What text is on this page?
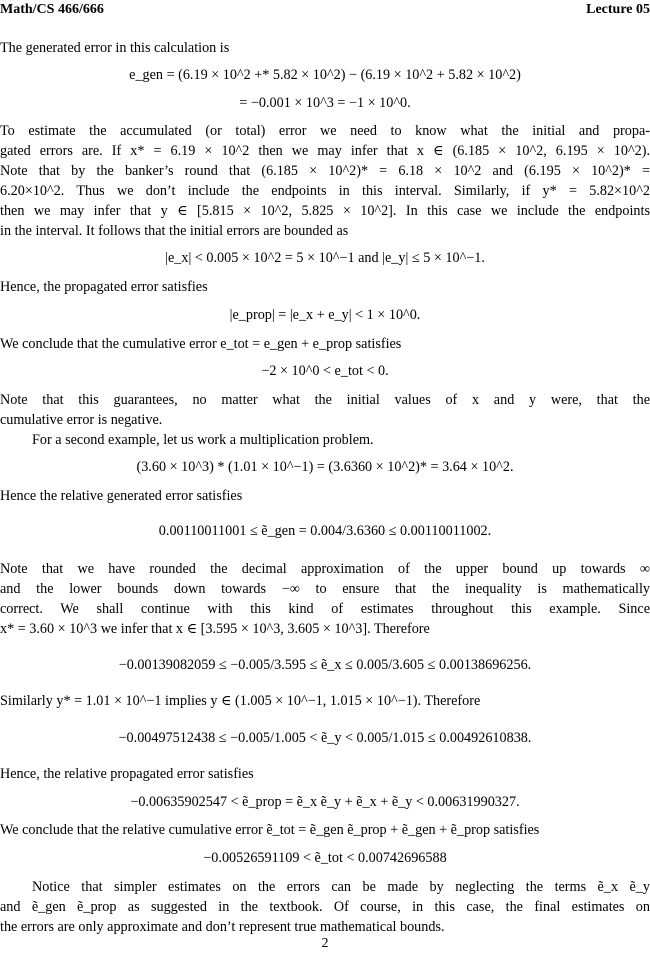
Math/CS 466/666	Lecture 05
The generated error in this calculation is
e_gen = (6.19 × 10^2 +* 5.82 × 10^2) − (6.19 × 10^2 + 5.82 × 10^2)
= −0.001 × 10^3 = −1 × 10^0.
To estimate the accumulated (or total) error we need to know what the initial and propa-
gated errors are. If x* = 6.19 × 10^2 then we may infer that x ∈ (6.185 × 10^2, 6.195 × 10^2).
Note that by the banker’s round that (6.185 × 10^2)* = 6.18 × 10^2 and (6.195 × 10^2)* =
6.20×10^2. Thus we don’t include the endpoints in this interval. Similarly, if y* = 5.82×10^2
then we may infer that y ∈ [5.815 × 10^2, 5.825 × 10^2]. In this case we include the endpoints
in the interval. It follows that the initial errors are bounded as
|e_x| < 0.005 × 10^2 = 5 × 10^−1 and |e_y| ≤ 5 × 10^−1.
Hence, the propagated error satisfies
|e_prop| = |e_x + e_y| < 1 × 10^0.
We conclude that the cumulative error e_tot = e_gen + e_prop satisfies
−2 × 10^0 < e_tot < 0.
Note that this guarantees, no matter what the initial values of x and y were, that the
cumulative error is negative.
For a second example, let us work a multiplication problem.
(3.60 × 10^3) * (1.01 × 10^−1) = (3.6360 × 10^2)* = 3.64 × 10^2.
Hence the relative generated error satisfies
0.00110011001 ≤ ẽ_gen = 0.004/3.6360 ≤ 0.00110011002.
Note that we have rounded the decimal approximation of the upper bound up towards ∞
and the lower bounds down towards −∞ to ensure that the inequality is mathematically
correct. We shall continue with this kind of estimates throughout this example. Since
x* = 3.60 × 10^3 we infer that x ∈ [3.595 × 10^3, 3.605 × 10^3]. Therefore
−0.00139082059 ≤ −0.005/3.595 ≤ ẽ_x ≤ 0.005/3.605 ≤ 0.00138696256.
Similarly y* = 1.01 × 10^−1 implies y ∈ (1.005 × 10^−1, 1.015 × 10^−1). Therefore
−0.00497512438 ≤ −0.005/1.005 < ẽ_y < 0.005/1.015 ≤ 0.00492610838.
Hence, the relative propagated error satisfies
−0.00635902547 < ẽ_prop = ẽ_x ẽ_y + ẽ_x + ẽ_y < 0.00631990327.
We conclude that the relative cumulative error ẽ_tot = ẽ_gen ẽ_prop + ẽ_gen + ẽ_prop satisfies
−0.00526591109 < ẽ_tot < 0.00742696588
Notice that simpler estimates on the errors can be made by neglecting the terms ẽ_x ẽ_y
and ẽ_gen ẽ_prop as suggested in the textbook. Of course, in this case, the final estimates on
the errors are only approximate and don’t represent true mathematical bounds.
2
